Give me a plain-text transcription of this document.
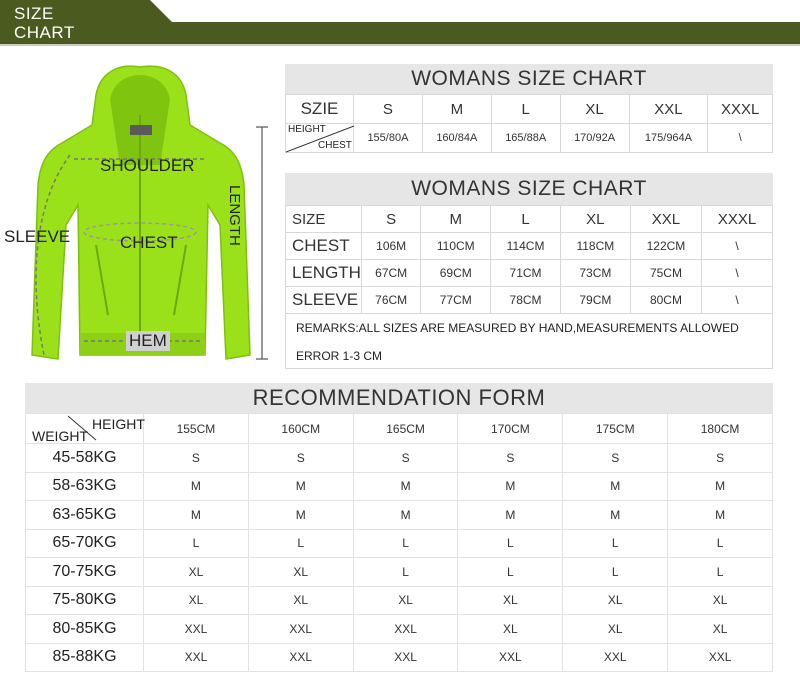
SIZE
CHART
SHOULDER
CHEST
SLEEVE	LENGTH
HEM
WOMANS SIZE CHART
SZIE	S	M	L	XL	XXL	XXXL

HEIGHT
CHEST	155/80A	160/84A	165/88A	170/92A	175/964A	\
WOMANS SIZE CHART
SIZE	S	M	L	XL	XXL	XXXL
CHEST	106M	110CM	114CM	118CM	122CM	\
LENGTH	67CM	69CM	71CM	73CM	75CM	\
SLEEVE	76CM	77CM	78CM	79CM	80CM	\
REMARKS:ALL SIZES ARE MEASURED BY HAND,MEASUREMENTS ALLOWED
ERROR 1-3 CM
RECOMMENDATION FORM
HEIGHT
WEIGHT	155CM	160CM	165CM	170CM	175CM	180CM
45-58KG	S	S	S	S	S	S
58-63KG	M	M	M	M	M	M
63-65KG	M	M	M	M	M	M
65-70KG	L	L	L	L	L	L
70-75KG	XL	XL	L	L	L	L
75-80KG	XL	XL	XL	XL	XL	XL
80-85KG	XXL	XXL	XXL	XL	XL	XL
85-88KG	XXL	XXL	XXL	XXL	XXL	XXL
